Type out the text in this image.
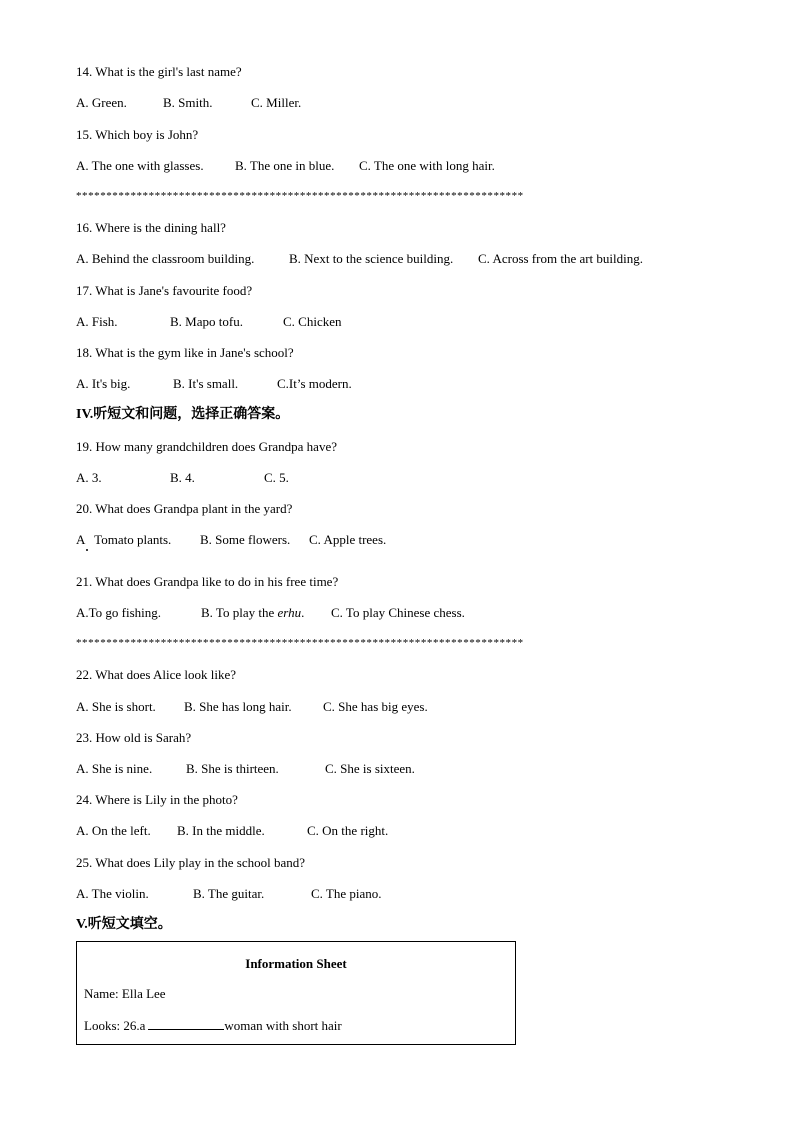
14. What is the girl's last name?
A. Green.	B. Smith.	C. Miller.
15. Which boy is John?
A. The one with glasses. B. The one in blue. C. The one with long hair.
**************************************************************************
16. Where is the dining hall?
A. Behind the classroom building.	B. Next to the science building. C. Across from the art building.
17. What is Jane's favourite food?
A. Fish.	B. Mapo tofu.	C. Chicken
18. What is the gym like in Jane's school?
A. It's big.	B. It's small.	C.It’s modern.
IV.听短文和问题，选择正确答案。
19. How many grandchildren does Grandpa have?
A. 3.	B. 4.	C. 5.
20. What does Grandpa plant in the yard?
A   Tomato plants. B. Some flowers. C. Apple trees.
21. What does Grandpa like to do in his free time?
A.To go fishing.	B. To play the erhu. C. To play Chinese chess.
**************************************************************************
22. What does Alice look like?
A. She is short. B. She has long hair. C. She has big eyes.
23. How old is Sarah?
A. She is nine.	B. She is thirteen.	C. She is sixteen.
24. Where is Lily in the photo?
A. On the left. B. In the middle.	C. On the right.
25. What does Lily play in the school band?
A. The violin.	B. The guitar.	C. The piano.
V.听短文填空。
Information Sheet
Name: Ella Lee
Looks: 26.a	woman with short hair
